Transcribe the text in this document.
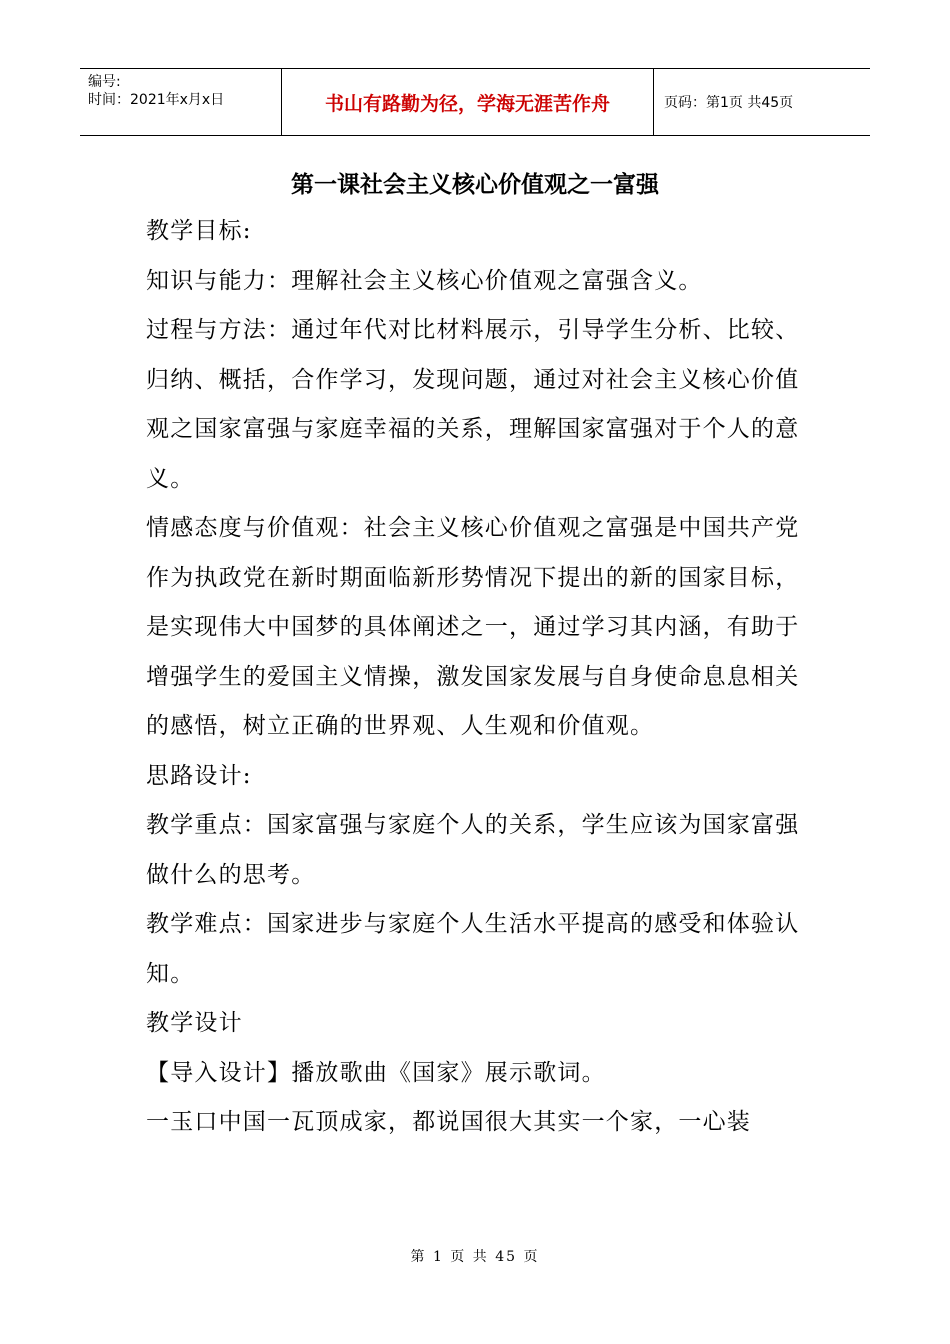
编号:
时间：2021年x月x日	书山有路勤为径，学海无涯苦作舟	页码：第1页 共45页
第一课社会主义核心价值观之一富强

教学目标:

知识与能力：理解社会主义核心价值观之富强含义。

过程与方法：通过年代对比材料展示，引导学生分析、比较、归纳、概括，合作学习，发现问题，通过对社会主义核心价值观之国家富强与家庭幸福的关系，理解国家富强对于个人的意义。

情感态度与价值观：社会主义核心价值观之富强是中国共产党作为执政党在新时期面临新形势情况下提出的新的国家目标，是实现伟大中国梦的具体阐述之一，通过学习其内涵，有助于增强学生的爱国主义情操，激发国家发展与自身使命息息相关的感悟，树立正确的世界观、人生观和价值观。

思路设计:

教学重点：国家富强与家庭个人的关系，学生应该为国家富强做什么的思考。

教学难点：国家进步与家庭个人生活水平提高的感受和体验认知。

教学设计

【导入设计】播放歌曲《国家》展示歌词。

一玉口中国一瓦顶成家，都说国很大其实一个家，一心装

第 1 页 共 45 页
